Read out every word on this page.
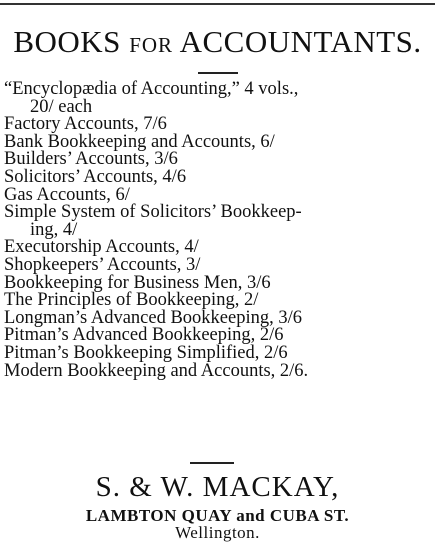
BOOKS FOR ACCOUNTANTS.
“Encyclopædia of Accounting,” 4 vols.,
20/ each
Factory Accounts, 7/6
Bank Bookkeeping and Accounts, 6/
Builders’ Accounts, 3/6
Solicitors’ Accounts, 4/6
Gas Accounts, 6/
Simple System of Solicitors’ Bookkeep-
ing, 4/
Executorship Accounts, 4/
Shopkeepers’ Accounts, 3/
Bookkeeping for Business Men, 3/6
The Principles of Bookkeeping, 2/
Longman’s Advanced Bookkeeping, 3/6
Pitman’s Advanced Bookkeeping, 2/6
Pitman’s Bookkeeping Simplified, 2/6
Modern Bookkeeping and Accounts, 2/6.
S. & W. MACKAY,
LAMBTON QUAY and CUBA ST.
Wellington.
